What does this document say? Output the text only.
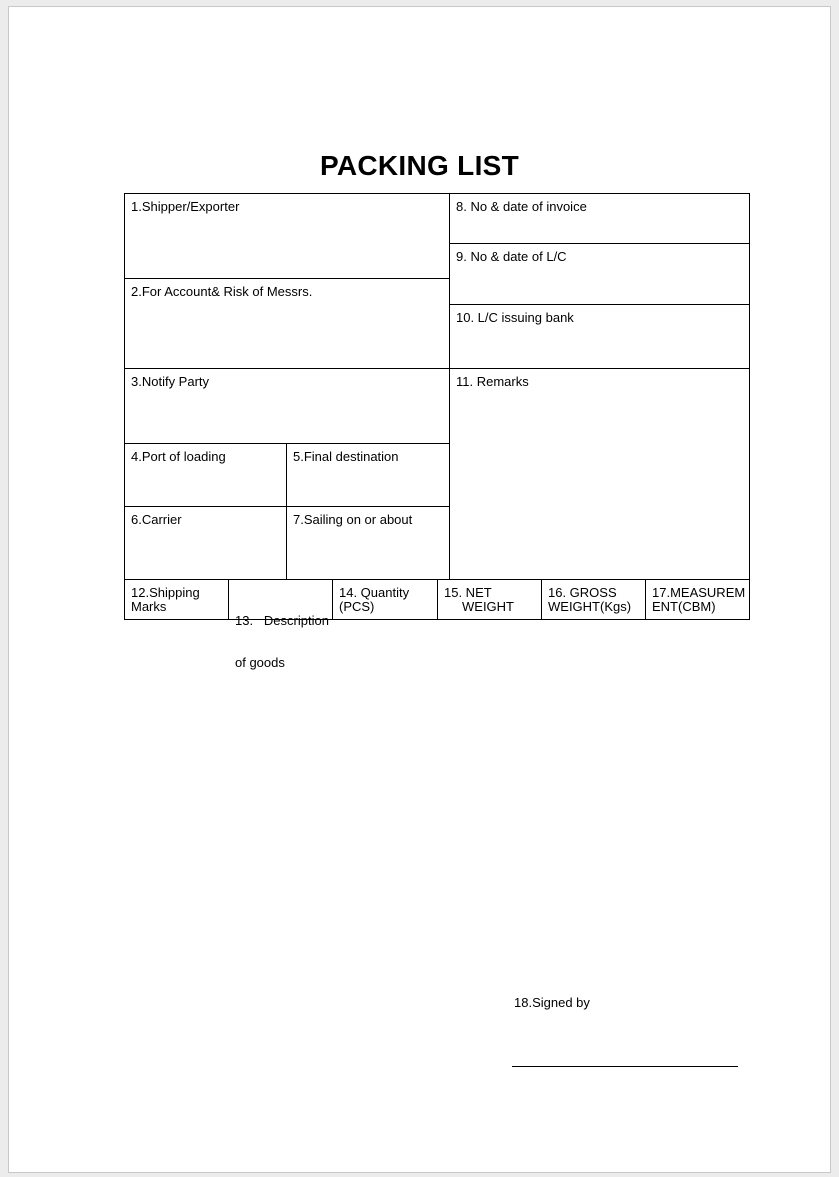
PACKING LIST
1.Shipper/Exporter
2.For Account& Risk of Messrs.
3.Notify Party
4.Port of loading	5.Final destination
6.Carrier	7.Sailing on or about
8. No & date of invoice
9. No & date of L/C
10. L/C issuing bank
11. Remarks
12.Shipping
Marks

13.   Description

of goods

14. Quantity
(PCS)
15. NET
WEIGHT
16. GROSS
WEIGHT(Kgs)
17.MEASUREM
ENT(CBM)
18.Signed by
